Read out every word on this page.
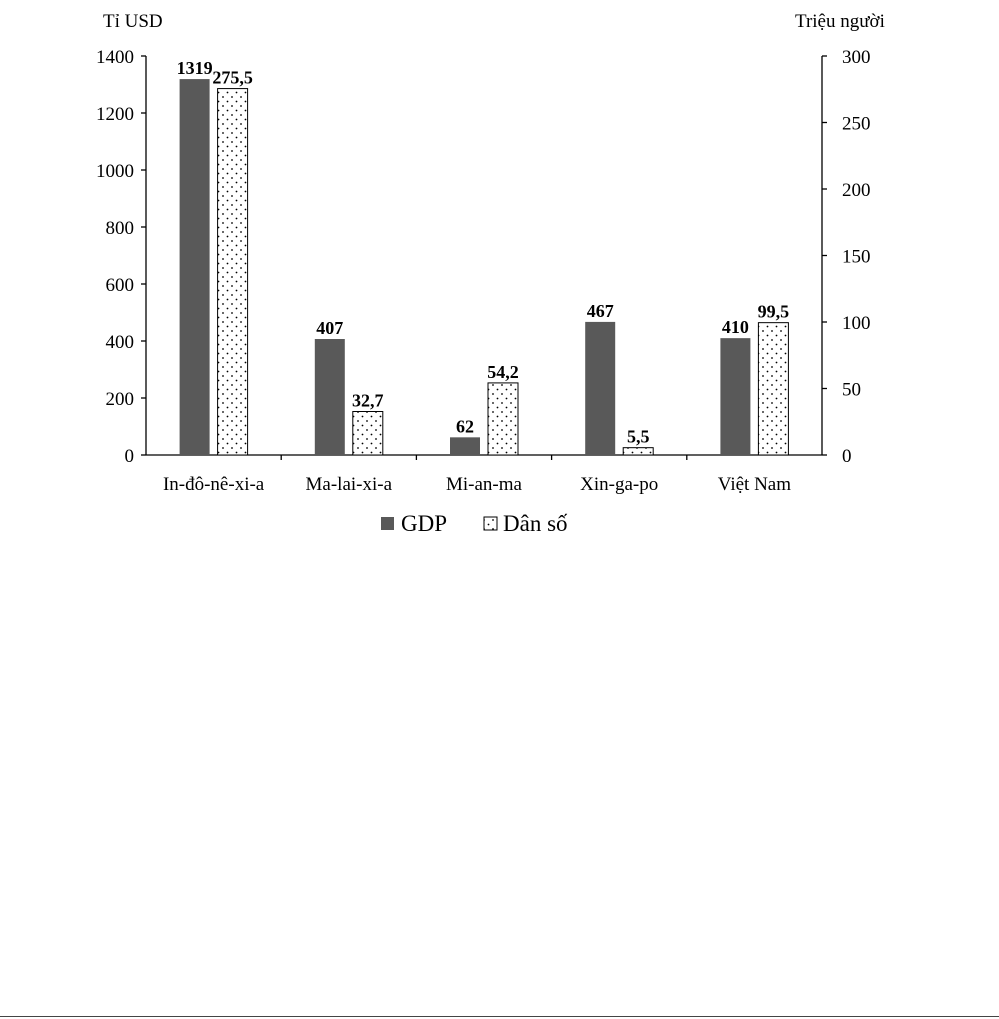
Tỉ USD	Triệu người
0
200
400
600
800
1000
1200
1400
0
50
100
150
200
250
300
In-đô-nê-xi-a Ma-lai-xi-a	Mi-an-ma	Xin-ga-po	Việt Nam
1319 275,5
407
32,7
62
54,2
467
5,5
410
99,5
GDP Dân số
